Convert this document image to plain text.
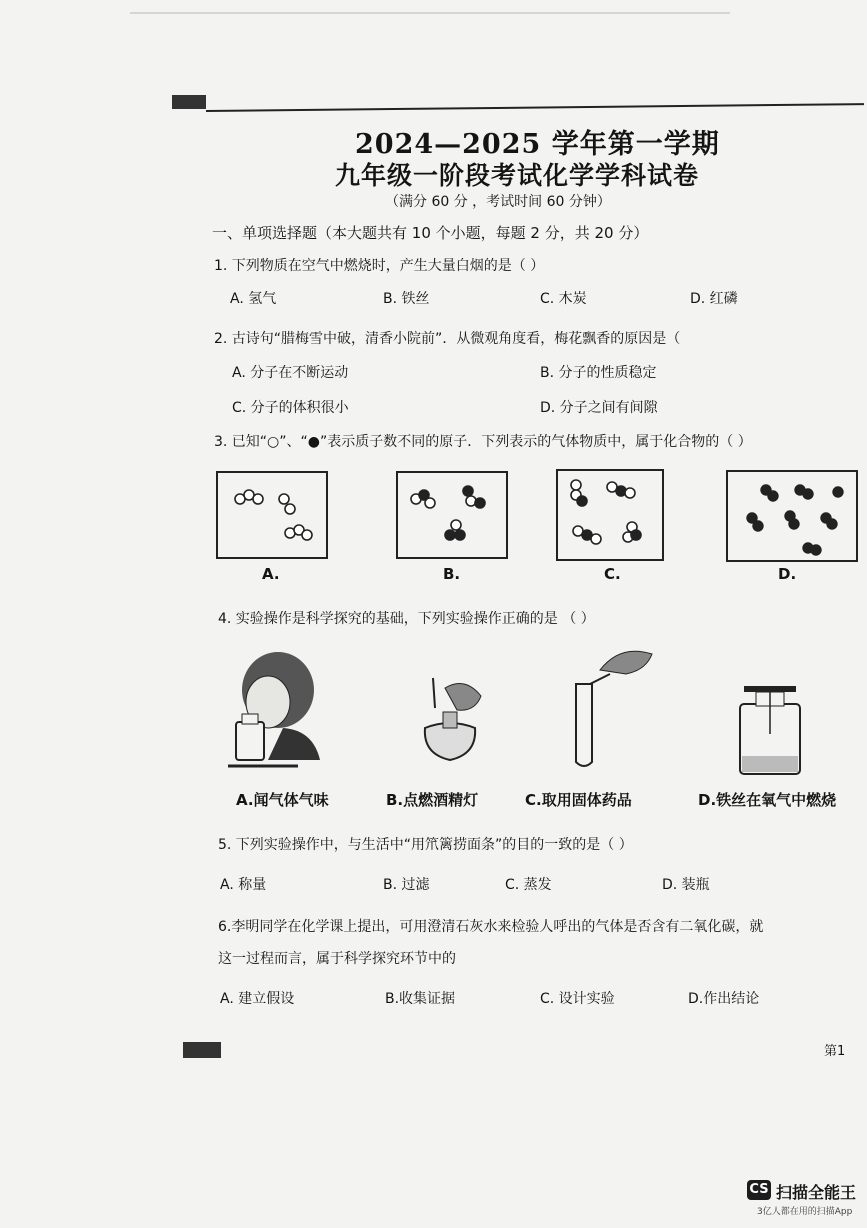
2024—2025 学年第一学期
九年级一阶段考试化学学科试卷
（满分 60 分 ，考试时间 60 分钟）
一、单项选择题（本大题共有 10 个小题，每题 2 分，共 20 分）
1. 下列物质在空气中燃烧时，产生大量白烟的是（ ）
A. 氢气	B. 铁丝	C. 木炭	D. 红磷
2. 古诗句“腊梅雪中破，清香小院前”．从微观角度看，梅花飘香的原因是（
A. 分子在不断运动	B. 分子的性质稳定
C. 分子的体积很小	D. 分子之间有间隙
3. 已知“○”、“●”表示质子数不同的原子．下列表示的气体物质中，属于化合物的（ ）
A.	B.	C.	D.
4. 实验操作是科学探究的基础，下列实验操作正确的是 （ ）
A.闻气体气味	B.点燃酒精灯	C.取用固体药品	D.铁丝在氧气中燃烧
5. 下列实验操作中，与生活中“用笊篱捞面条”的目的一致的是（ ）
A. 称量	B. 过滤	C. 蒸发	D. 装瓶
6.李明同学在化学课上提出，可用澄清石灰水来检验人呼出的气体是否含有二氧化碳，就
这一过程而言，属于科学探究环节中的
A. 建立假设	B.收集证据	C. 设计实验	D.作出结论
第1
CS 扫描全能王
3亿人都在用的扫描App
